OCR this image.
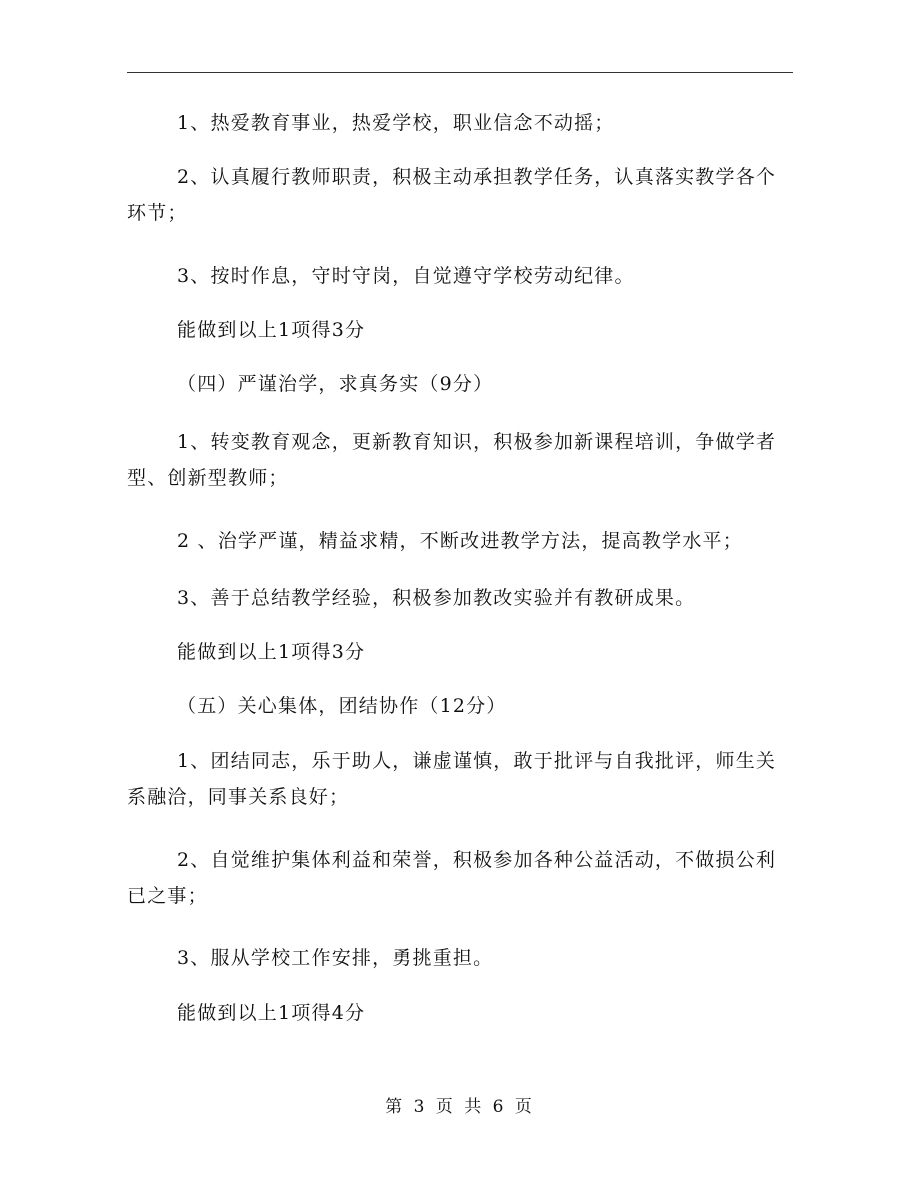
1、热爱教育事业，热爱学校，职业信念不动摇；

2、认真履行教师职责，积极主动承担教学任务，认真落实教学各个环节；

3、按时作息，守时守岗，自觉遵守学校劳动纪律。

能做到以上1项得3分

（四）严谨治学，求真务实（9分）

1、转变教育观念，更新教育知识，积极参加新课程培训，争做学者型、创新型教师；

2 、治学严谨，精益求精，不断改进教学方法，提高教学水平；

3、善于总结教学经验，积极参加教改实验并有教研成果。

能做到以上1项得3分

（五）关心集体，团结协作（12分）

1、团结同志，乐于助人，谦虚谨慎，敢于批评与自我批评，师生关系融洽，同事关系良好；

2、自觉维护集体利益和荣誉，积极参加各种公益活动，不做损公利已之事；

3、服从学校工作安排，勇挑重担。

能做到以上1项得4分

第 3 页 共 6 页
